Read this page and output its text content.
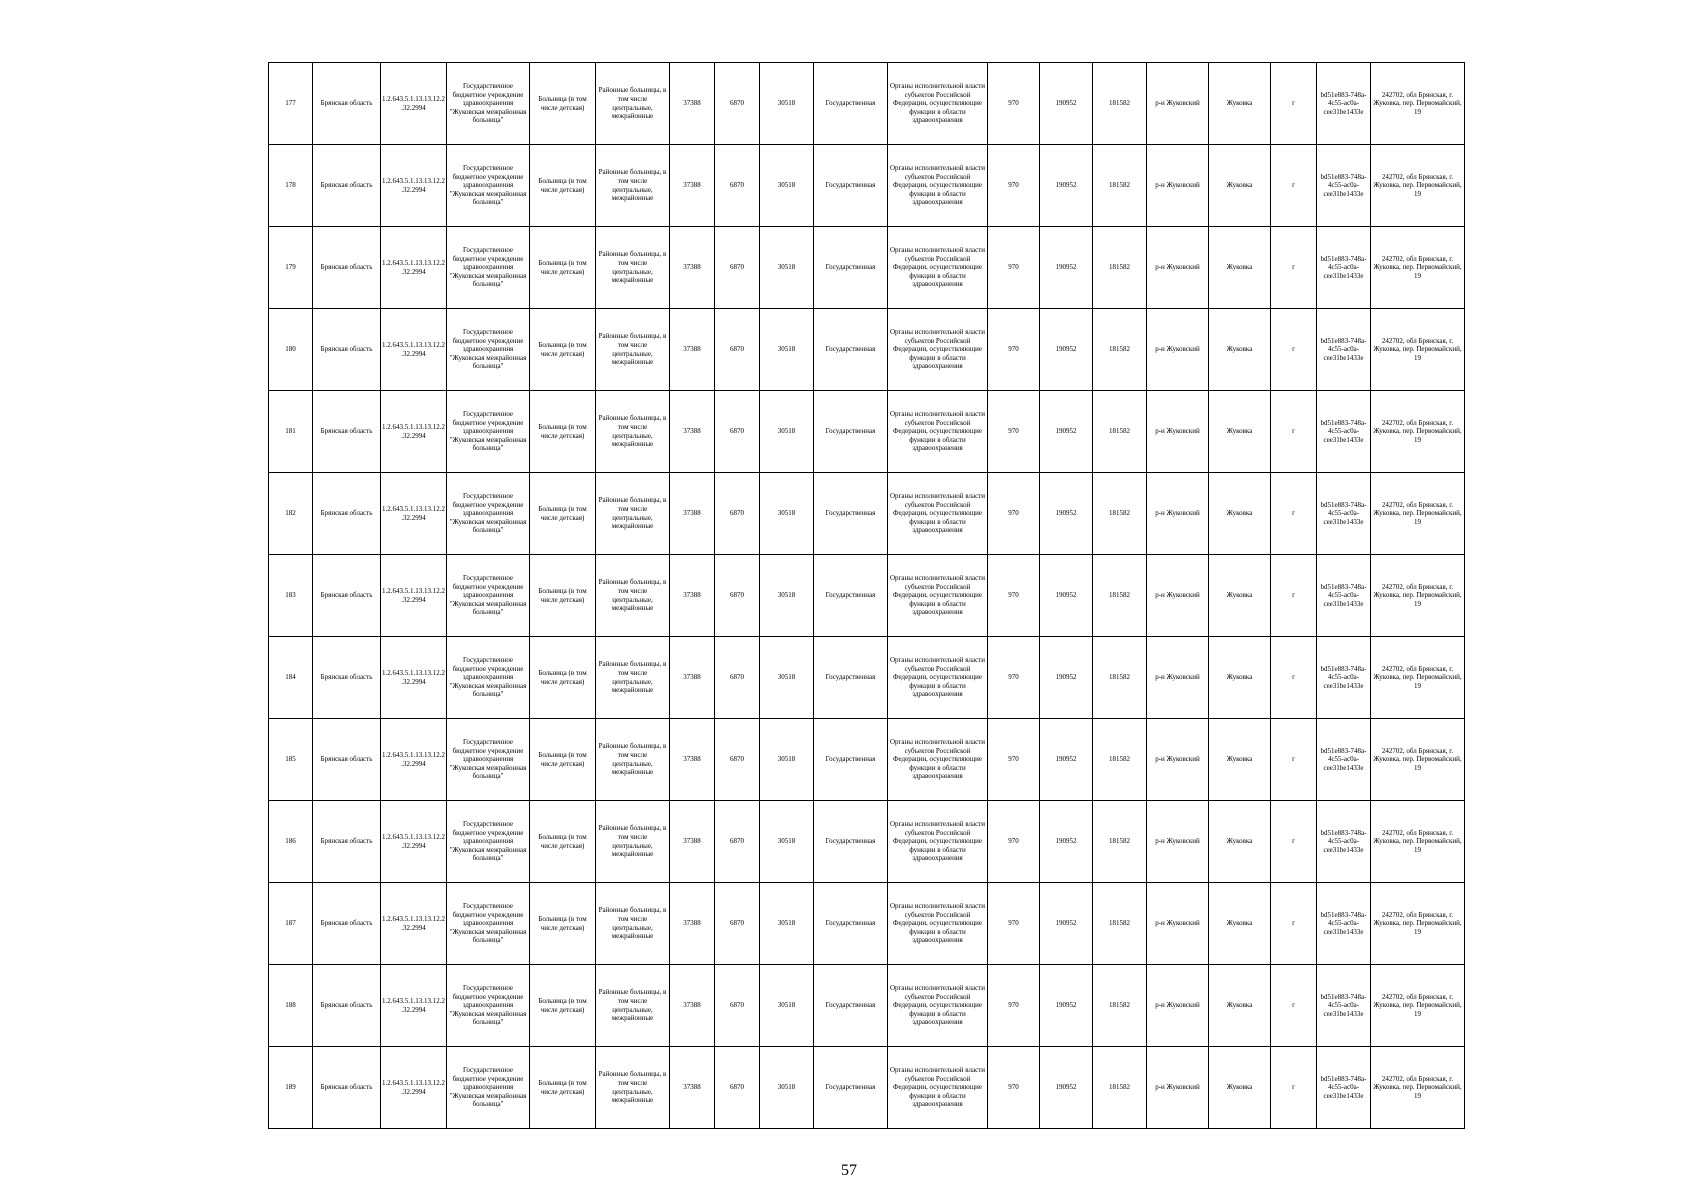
177	Брянская область	1.2.643.5.1.13.13.12.2.32.2994	Государственное бюджетное учреждение здравоохранения "Жуковская межрайонная больница"	Больница (в том числе детская)	Районные больницы, в том числе центральные, межрайонные	37388	6870	30518	Государственная	Органы исполнительной власти субъектов Российской Федерации, осуществляющие функции в области здравоохранения	970	190952	181582	р-н Жуковский	Жуковка	г	bd51e883-748a-4c55-ac0a-cee31be1433e	242702, обл Брянская, г. Жуковка, пер. Первомайский, 19
178	Брянская область	1.2.643.5.1.13.13.12.2.32.2994	Государственное бюджетное учреждение здравоохранения "Жуковская межрайонная больница"	Больница (в том числе детская)	Районные больницы, в том числе центральные, межрайонные	37388	6870	30518	Государственная	Органы исполнительной власти субъектов Российской Федерации, осуществляющие функции в области здравоохранения	970	190952	181582	р-н Жуковский	Жуковка	г	bd51e883-748a-4c55-ac0a-cee31be1433e	242702, обл Брянская, г. Жуковка, пер. Первомайский, 19
179	Брянская область	1.2.643.5.1.13.13.12.2.32.2994	Государственное бюджетное учреждение здравоохранения "Жуковская межрайонная больница"	Больница (в том числе детская)	Районные больницы, в том числе центральные, межрайонные	37388	6870	30518	Государственная	Органы исполнительной власти субъектов Российской Федерации, осуществляющие функции в области здравоохранения	970	190952	181582	р-н Жуковский	Жуковка	г	bd51e883-748a-4c55-ac0a-cee31be1433e	242702, обл Брянская, г. Жуковка, пер. Первомайский, 19
180	Брянская область	1.2.643.5.1.13.13.12.2.32.2994	Государственное бюджетное учреждение здравоохранения "Жуковская межрайонная больница"	Больница (в том числе детская)	Районные больницы, в том числе центральные, межрайонные	37388	6870	30518	Государственная	Органы исполнительной власти субъектов Российской Федерации, осуществляющие функции в области здравоохранения	970	190952	181582	р-н Жуковский	Жуковка	г	bd51e883-748a-4c55-ac0a-cee31be1433e	242702, обл Брянская, г. Жуковка, пер. Первомайский, 19
181	Брянская область	1.2.643.5.1.13.13.12.2.32.2994	Государственное бюджетное учреждение здравоохранения "Жуковская межрайонная больница"	Больница (в том числе детская)	Районные больницы, в том числе центральные, межрайонные	37388	6870	30518	Государственная	Органы исполнительной власти субъектов Российской Федерации, осуществляющие функции в области здравоохранения	970	190952	181582	р-н Жуковский	Жуковка	г	bd51e883-748a-4c55-ac0a-cee31be1433e	242702, обл Брянская, г. Жуковка, пер. Первомайский, 19
182	Брянская область	1.2.643.5.1.13.13.12.2.32.2994	Государственное бюджетное учреждение здравоохранения "Жуковская межрайонная больница"	Больница (в том числе детская)	Районные больницы, в том числе центральные, межрайонные	37388	6870	30518	Государственная	Органы исполнительной власти субъектов Российской Федерации, осуществляющие функции в области здравоохранения	970	190952	181582	р-н Жуковский	Жуковка	г	bd51e883-748a-4c55-ac0a-cee31be1433e	242702, обл Брянская, г. Жуковка, пер. Первомайский, 19
183	Брянская область	1.2.643.5.1.13.13.12.2.32.2994	Государственное бюджетное учреждение здравоохранения "Жуковская межрайонная больница"	Больница (в том числе детская)	Районные больницы, в том числе центральные, межрайонные	37388	6870	30518	Государственная	Органы исполнительной власти субъектов Российской Федерации, осуществляющие функции в области здравоохранения	970	190952	181582	р-н Жуковский	Жуковка	г	bd51e883-748a-4c55-ac0a-cee31be1433e	242702, обл Брянская, г. Жуковка, пер. Первомайский, 19
184	Брянская область	1.2.643.5.1.13.13.12.2.32.2994	Государственное бюджетное учреждение здравоохранения "Жуковская межрайонная больница"	Больница (в том числе детская)	Районные больницы, в том числе центральные, межрайонные	37388	6870	30518	Государственная	Органы исполнительной власти субъектов Российской Федерации, осуществляющие функции в области здравоохранения	970	190952	181582	р-н Жуковский	Жуковка	г	bd51e883-748a-4c55-ac0a-cee31be1433e	242702, обл Брянская, г. Жуковка, пер. Первомайский, 19
185	Брянская область	1.2.643.5.1.13.13.12.2.32.2994	Государственное бюджетное учреждение здравоохранения "Жуковская межрайонная больница"	Больница (в том числе детская)	Районные больницы, в том числе центральные, межрайонные	37388	6870	30518	Государственная	Органы исполнительной власти субъектов Российской Федерации, осуществляющие функции в области здравоохранения	970	190952	181582	р-н Жуковский	Жуковка	г	bd51e883-748a-4c55-ac0a-cee31be1433e	242702, обл Брянская, г. Жуковка, пер. Первомайский, 19
186	Брянская область	1.2.643.5.1.13.13.12.2.32.2994	Государственное бюджетное учреждение здравоохранения "Жуковская межрайонная больница"	Больница (в том числе детская)	Районные больницы, в том числе центральные, межрайонные	37388	6870	30518	Государственная	Органы исполнительной власти субъектов Российской Федерации, осуществляющие функции в области здравоохранения	970	190952	181582	р-н Жуковский	Жуковка	г	bd51e883-748a-4c55-ac0a-cee31be1433e	242702, обл Брянская, г. Жуковка, пер. Первомайский, 19
187	Брянская область	1.2.643.5.1.13.13.12.2.32.2994	Государственное бюджетное учреждение здравоохранения "Жуковская межрайонная больница"	Больница (в том числе детская)	Районные больницы, в том числе центральные, межрайонные	37388	6870	30518	Государственная	Органы исполнительной власти субъектов Российской Федерации, осуществляющие функции в области здравоохранения	970	190952	181582	р-н Жуковский	Жуковка	г	bd51e883-748a-4c55-ac0a-cee31be1433e	242702, обл Брянская, г. Жуковка, пер. Первомайский, 19
188	Брянская область	1.2.643.5.1.13.13.12.2.32.2994	Государственное бюджетное учреждение здравоохранения "Жуковская межрайонная больница"	Больница (в том числе детская)	Районные больницы, в том числе центральные, межрайонные	37388	6870	30518	Государственная	Органы исполнительной власти субъектов Российской Федерации, осуществляющие функции в области здравоохранения	970	190952	181582	р-н Жуковский	Жуковка	г	bd51e883-748a-4c55-ac0a-cee31be1433e	242702, обл Брянская, г. Жуковка, пер. Первомайский, 19
189	Брянская область	1.2.643.5.1.13.13.12.2.32.2994	Государственное бюджетное учреждение здравоохранения "Жуковская межрайонная больница"	Больница (в том числе детская)	Районные больницы, в том числе центральные, межрайонные	37388	6870	30518	Государственная	Органы исполнительной власти субъектов Российской Федерации, осуществляющие функции в области здравоохранения	970	190952	181582	р-н Жуковский	Жуковка	г	bd51e883-748a-4c55-ac0a-cee31be1433e	242702, обл Брянская, г. Жуковка, пер. Первомайский, 19
57
